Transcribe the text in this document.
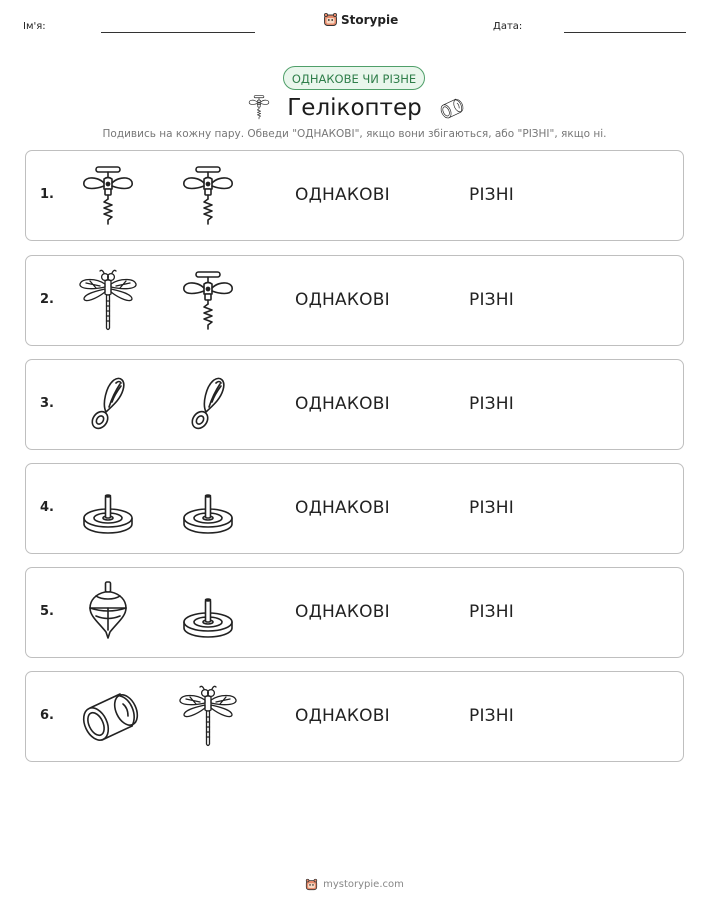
Ім'я:	Storypie	Дата:
ОДНАКОВЕ ЧИ РІЗНЕ
Гелікоптер
Подивись на кожну пару. Обведи "ОДНАКОВІ", якщо вони збігаються, або "РІЗНІ", якщо ні.
1.	ОДНАКОВІ	РІЗНІ
2.	ОДНАКОВІ	РІЗНІ
3.	ОДНАКОВІ	РІЗНІ
4.	ОДНАКОВІ	РІЗНІ
5.	ОДНАКОВІ	РІЗНІ
6.	ОДНАКОВІ	РІЗНІ
mystorypie.com
